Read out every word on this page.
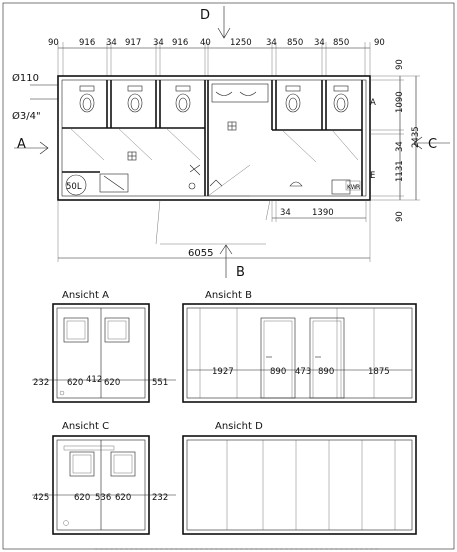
90 916 34 917 34 916 40 1250 34 850 34 850	90
D
B
A	C
50L
Ø110
Ø3/4"
A
E
KW R
90
1090
34
1131
90
2435
34 1390
6055
Ansicht A
232 620 412 620	551
Ansicht B
1927	890 473 890	1875
Ansicht C
425	620 536 620 232
Ansicht D
